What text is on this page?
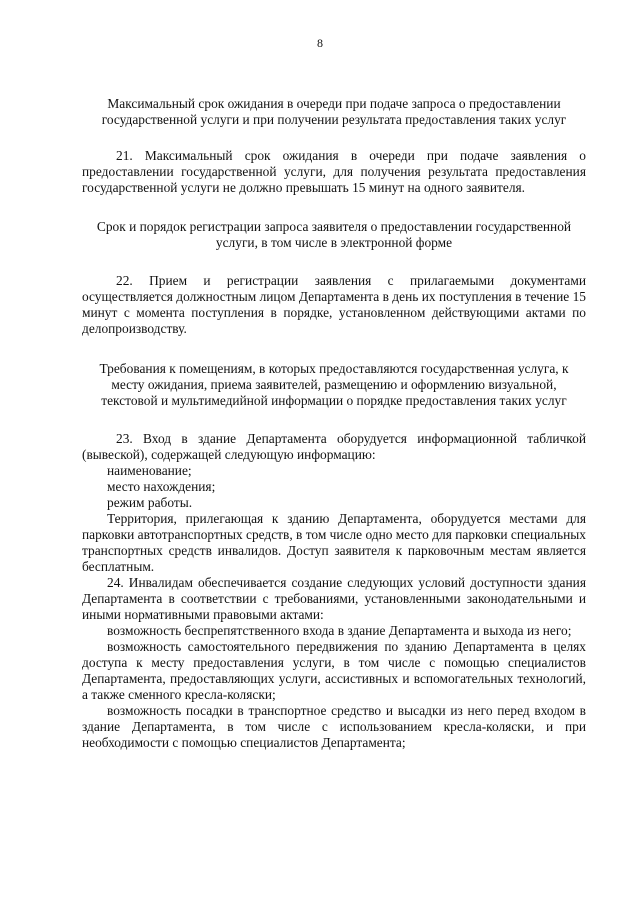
8

Максимальный срок ожидания в очереди при подаче запроса о предоставлении государственной услуги и при получении результата предоставления таких услуг

21. Максимальный срок ожидания в очереди при подаче заявления о предоставлении государственной услуги, для получения результата предоставления государственной услуги не должно превышать 15 минут на одного заявителя.

Срок и порядок регистрации запроса заявителя о предоставлении государственной услуги, в том числе в электронной форме

22. Прием и регистрации заявления с прилагаемыми документами осуществляется должностным лицом Департамента в день их поступления в течение 15 минут с момента поступления в порядке, установленном действующими актами по делопроизводству.

Требования к помещениям, в которых предоставляются государственная услуга, к месту ожидания, приема заявителей, размещению и оформлению визуальной, текстовой и мультимедийной информации о порядке предоставления таких услуг

23. Вход в здание Департамента оборудуется информационной табличкой (вывеской), содержащей следующую информацию:

наименование;

место нахождения;

режим работы.

Территория, прилегающая к зданию Департамента, оборудуется местами для парковки автотранспортных средств, в том числе одно место для парковки специальных транспортных средств инвалидов. Доступ заявителя к парковочным местам является бесплатным.

24. Инвалидам обеспечивается создание следующих условий доступности здания Департамента в соответствии с требованиями, установленными законодательными и иными нормативными правовыми актами:

возможность беспрепятственного входа в здание Департамента и выхода из него;

возможность самостоятельного передвижения по зданию Департамента в целях доступа к месту предоставления услуги, в том числе с помощью специалистов Департамента, предоставляющих услуги, ассистивных и вспомогательных технологий, а также сменного кресла-коляски;

возможность посадки в транспортное средство и высадки из него перед входом в здание Департамента, в том числе с использованием кресла-коляски, и при необходимости с помощью специалистов Департамента;
